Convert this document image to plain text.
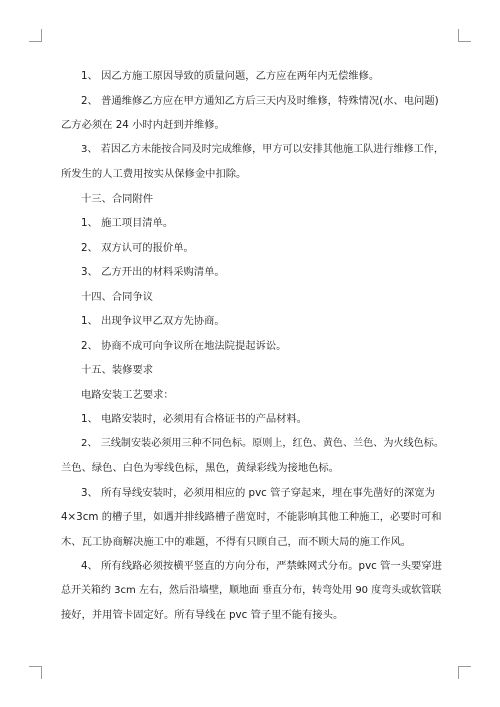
1、 因乙方施工原因导致的质量问题，乙方应在两年内无偿维修。

2、 普通维修乙方应在甲方通知乙方后三天内及时维修，特殊情况(水、电问题)

乙方必须在 24 小时内赶到并维修。

3、 若因乙方未能按合同及时完成维修，甲方可以安排其他施工队进行维修工作，

所发生的人工费用按实从保修金中扣除。

十三、合同附件

1、 施工项目清单。

2、 双方认可的报价单。

3、 乙方开出的材料采购清单。

十四、合同争议

1、 出现争议甲乙双方先协商。

2、 协商不成可向争议所在地法院提起诉讼。

十五、装修要求

电路安装工艺要求：

1、 电路安装时，必须用有合格证书的产品材料。

2、 三线制安装必须用三种不同色标。原则上，红色、黄色、兰色、为火线色标。

兰色、绿色、白色为零线色标，黑色，黄绿彩线为接地色标。

3、 所有导线安装时，必须用相应的 pvc 管子穿起来，埋在事先凿好的深宽为

4×3cm 的槽子里，如遇并排线路槽子凿宽时，不能影响其他工种施工，必要时可和

木、瓦工协商解决施工中的难题，不得有只顾自己，而不顾大局的施工作风。

4、 所有线路必须按横平竖直的方向分布，严禁蛛网式分布。pvc 管一头要穿进

总开关箱约 3cm 左右，然后沿墙壁，顺地面 垂直分布，转弯处用 90 度弯头或软管联

接好，并用管卡固定好。所有导线在 pvc 管子里不能有接头。
